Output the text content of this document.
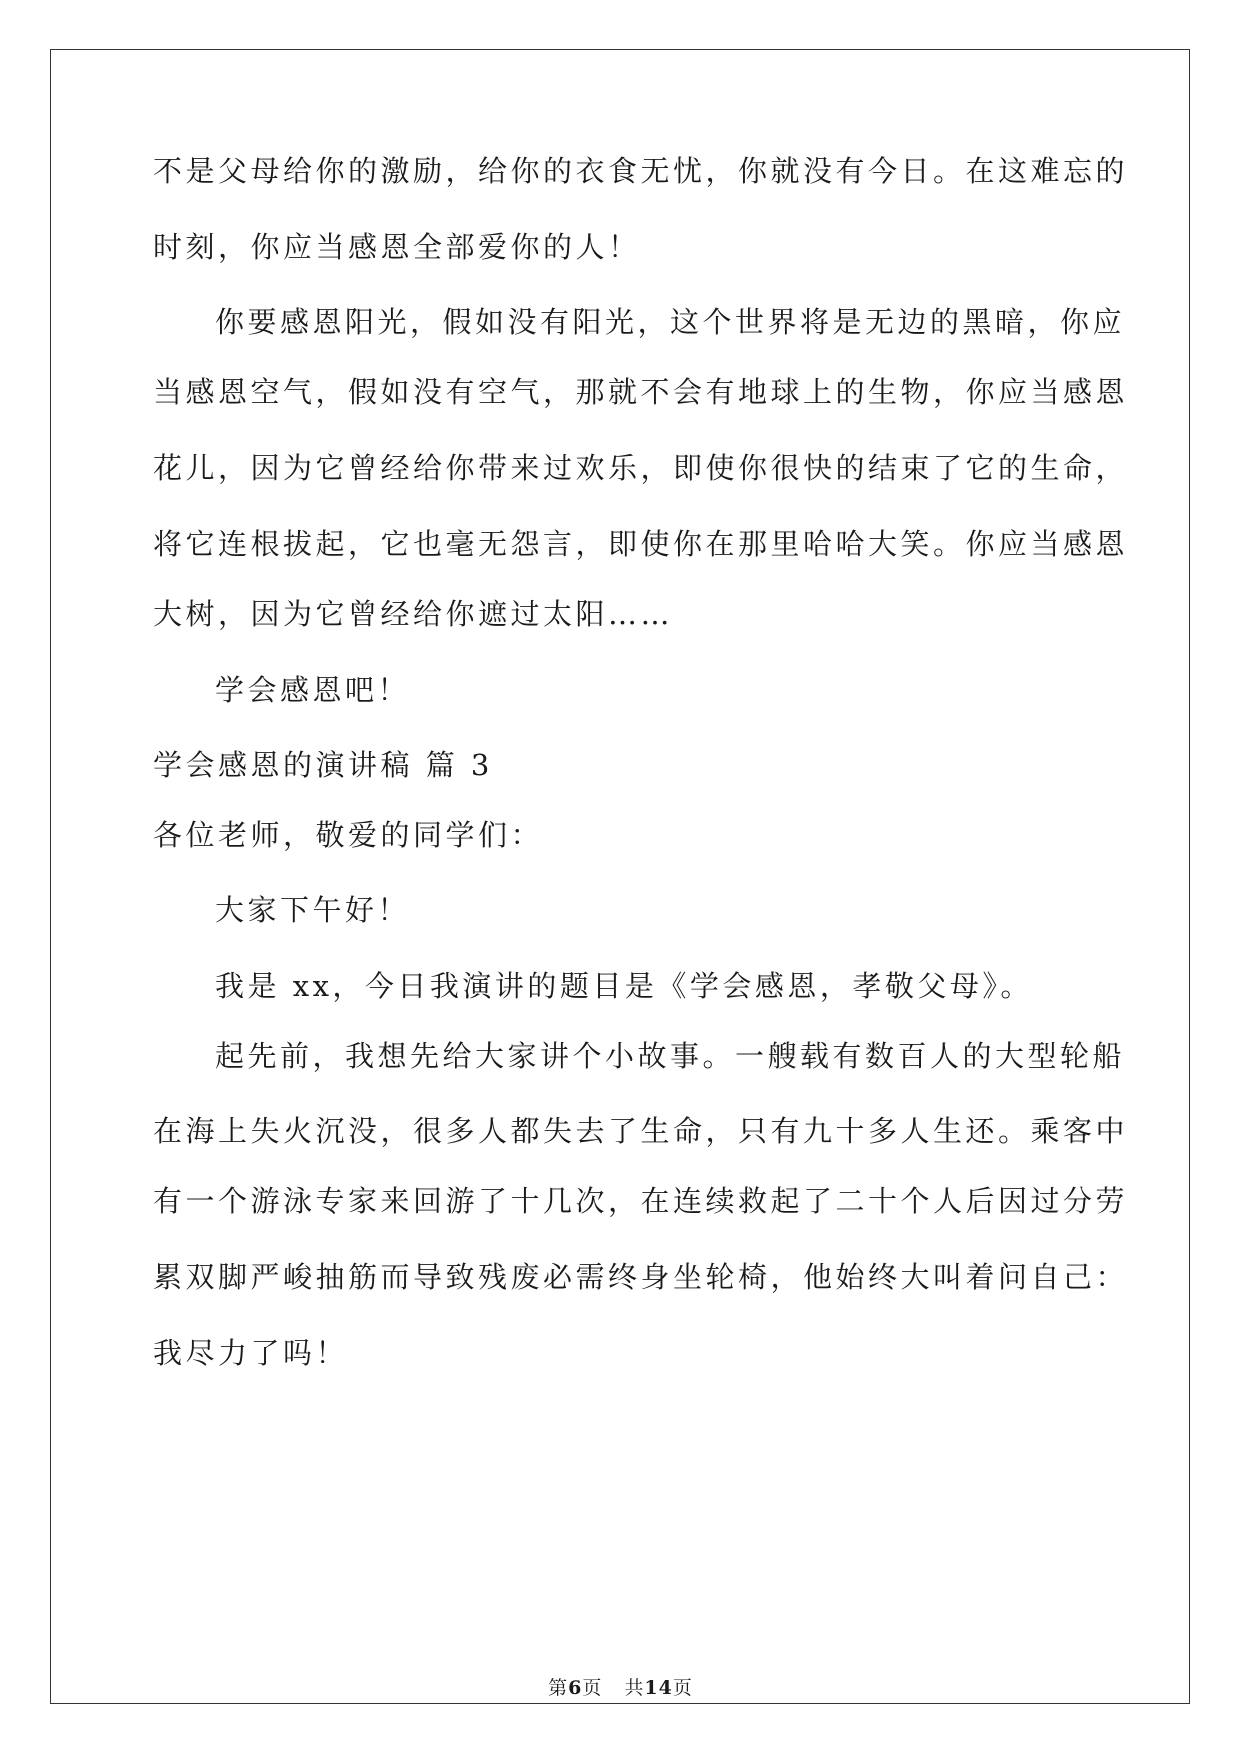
不是父母给你的激励，给你的衣食无忧，你就没有今日。在这难忘的
时刻，你应当感恩全部爱你的人！
你要感恩阳光，假如没有阳光，这个世界将是无边的黑暗，你应
当感恩空气，假如没有空气，那就不会有地球上的生物，你应当感恩
花儿，因为它曾经给你带来过欢乐，即使你很快的结束了它的生命，
将它连根拔起，它也毫无怨言，即使你在那里哈哈大笑。你应当感恩
大树，因为它曾经给你遮过太阳……
学会感恩吧！
学会感恩的演讲稿 篇 3
各位老师，敬爱的同学们：
大家下午好！
我是 xx，今日我演讲的题目是《学会感恩，孝敬父母》。
起先前，我想先给大家讲个小故事。一艘载有数百人的大型轮船
在海上失火沉没，很多人都失去了生命，只有九十多人生还。乘客中
有一个游泳专家来回游了十几次，在连续救起了二十个人后因过分劳
累双脚严峻抽筋而导致残废必需终身坐轮椅，他始终大叫着问自己：
我尽力了吗！
第6页 共14页
